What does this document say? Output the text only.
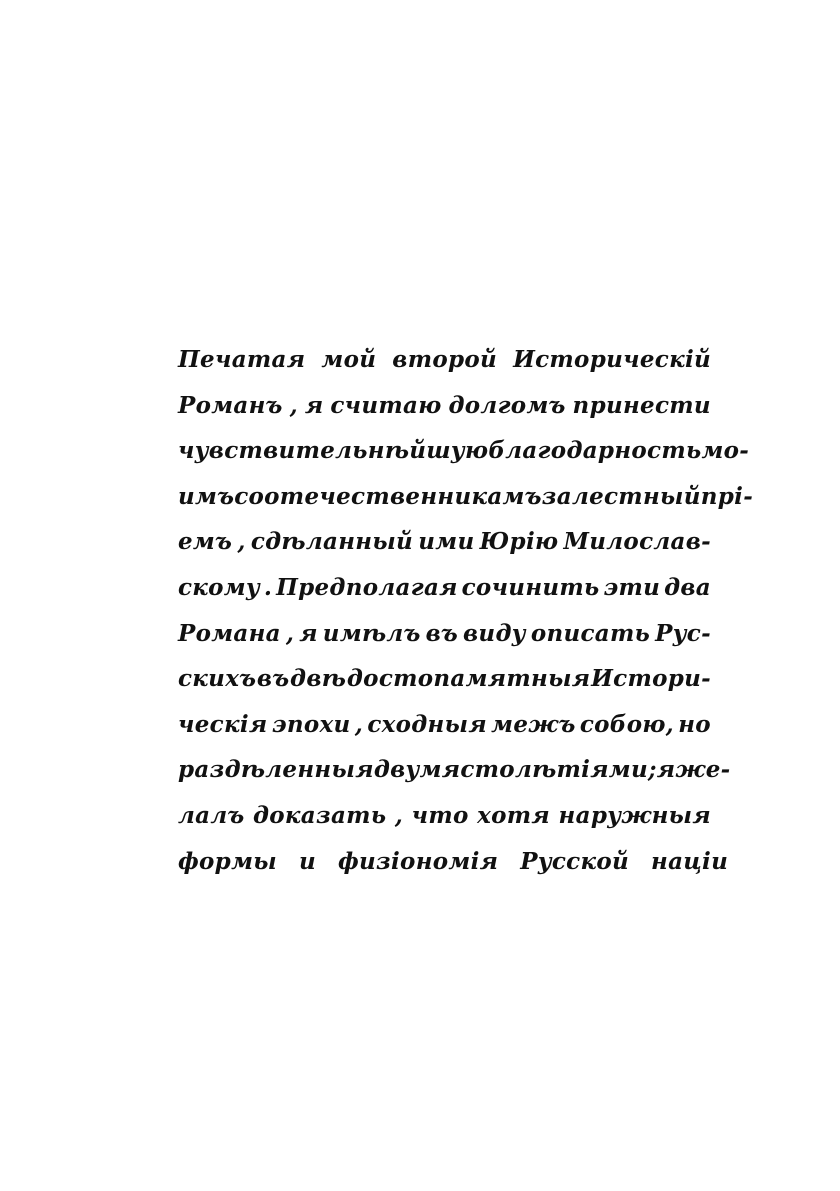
Печатая мой второй Историческій
Романъ , я считаю долгомъ принести
чувствительнѣйшую благодарность мо-
имъ соотечественникамъ за лестный прі-
емъ , сдѣланный ими Юрію Милослав-
скому . Предполагая сочинить эти два
Романа , я имѣлъ въ виду описать Рус-
скихъ въ двѣ достопамятныя Истори-
ческія эпохи , сходныя межъ собою, но
раздѣленныя двумя столѣтіями ; я же-
лалъ доказать , что хотя наружныя
формы и физіономія Русской націи
